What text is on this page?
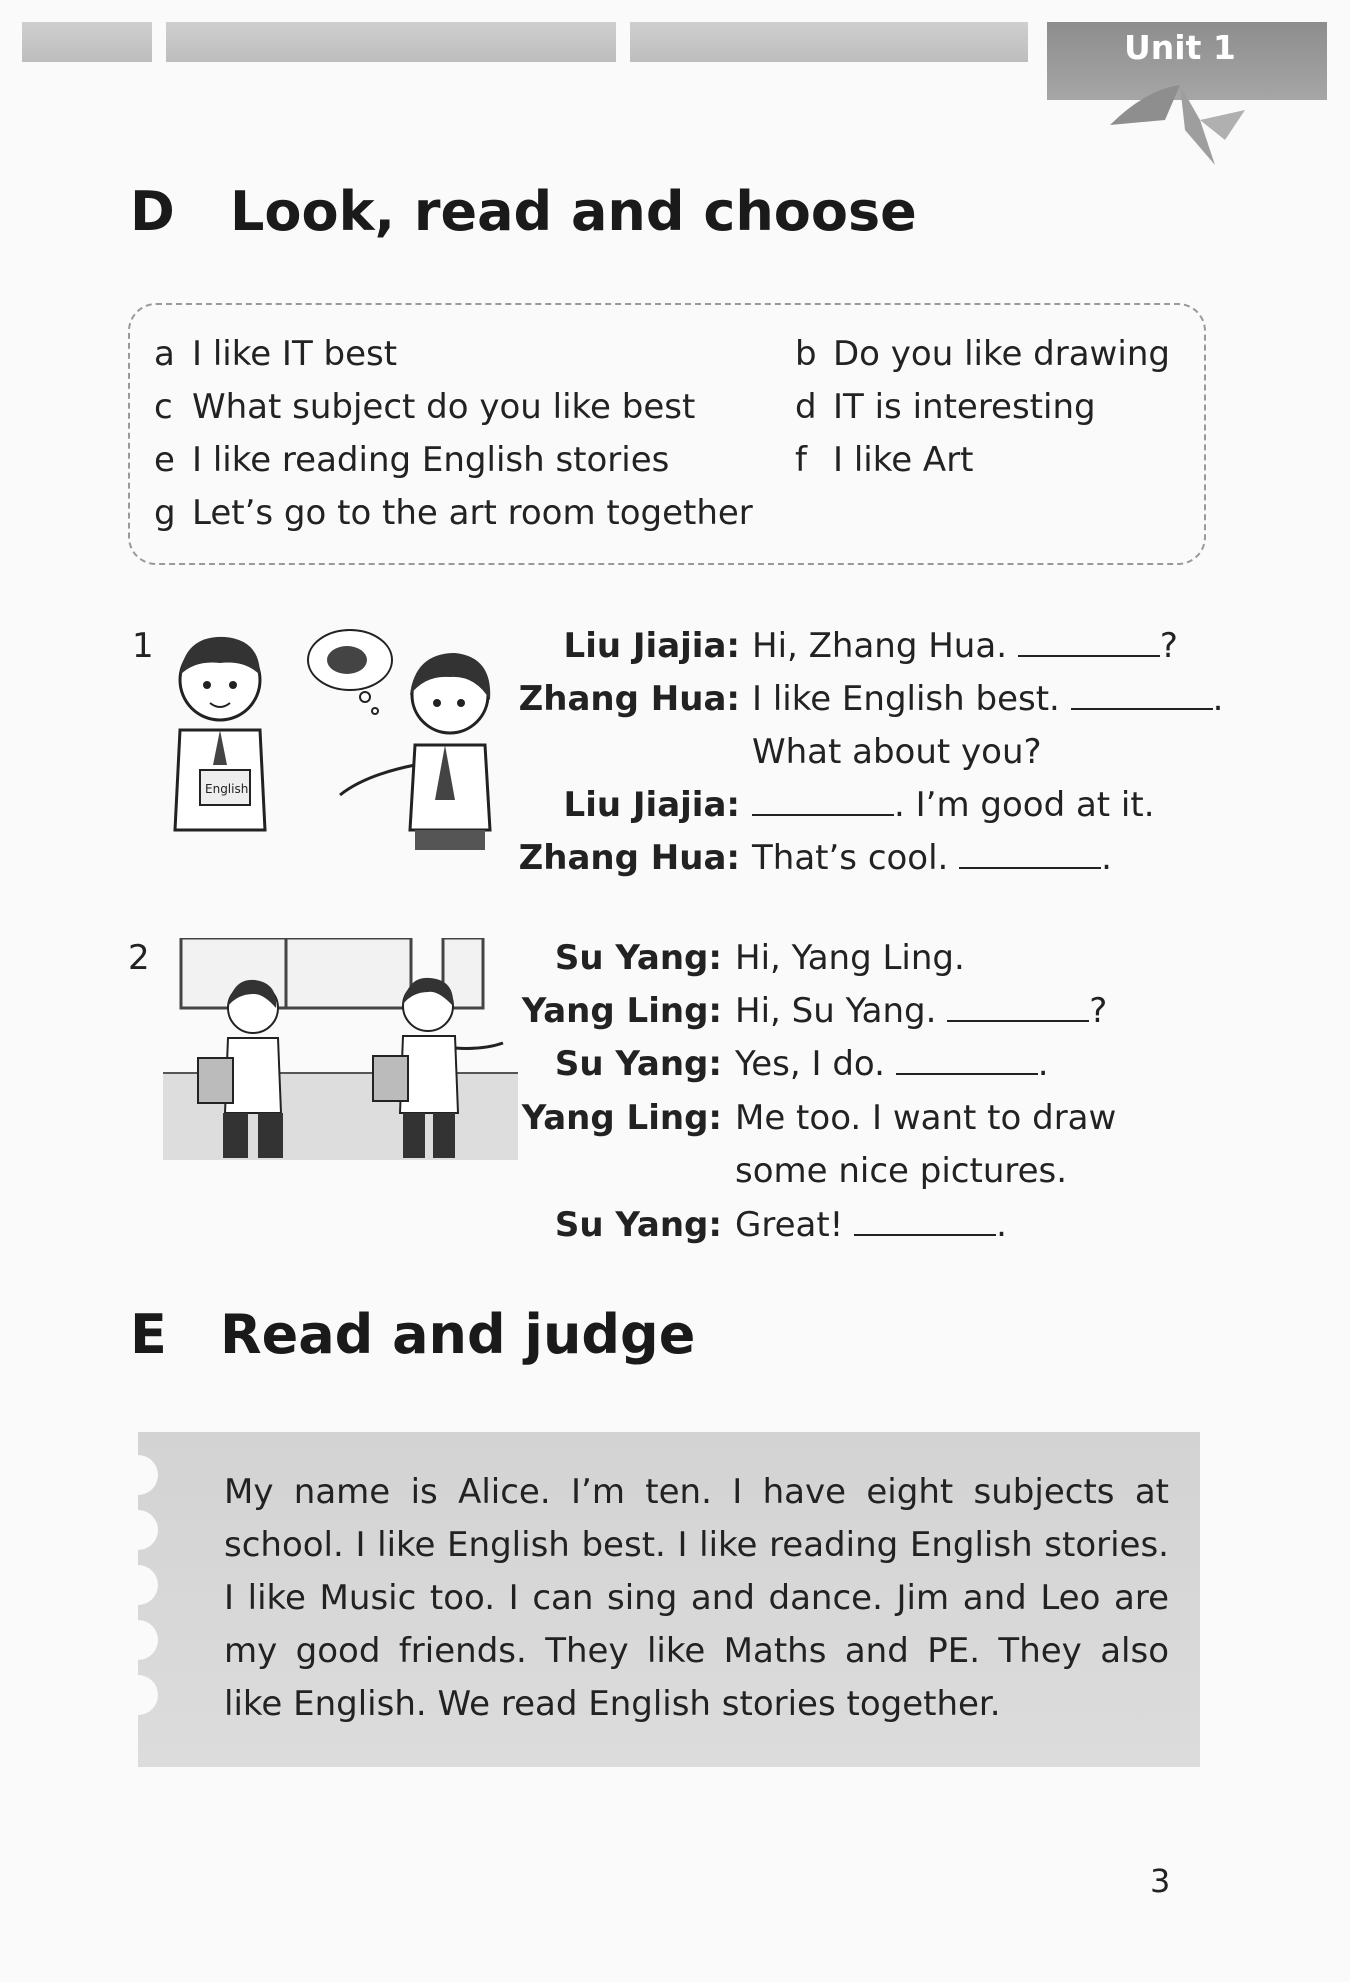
Unit 1
D Look, read and choose
a I like IT best	b Do you like drawing
c What subject do you like best	d IT is interesting
e I like reading English stories	f I like Art
g Let’s go to the art room together
1
English
Liu Jiajia: Hi, Zhang Hua.	?
Zhang Hua: I like English best.	.
What about you?
Liu Jiajia:	. I’m good at it.
Zhang Hua: That’s cool.	.
2	Su Yang: Hi, Yang Ling.
Yang Ling: Hi, Su Yang.	?
Su Yang: Yes, I do.	.
Yang Ling: Me too. I want to draw
some nice pictures.
Su Yang: Great!	.
E Read and judge
My name is Alice. I’m ten. I have eight subjects at school. I like English best. I like reading English stories. I like Music too. I can sing and dance. Jim and Leo are my good friends. They like Maths and PE. They also like English. We read English stories together.
3
